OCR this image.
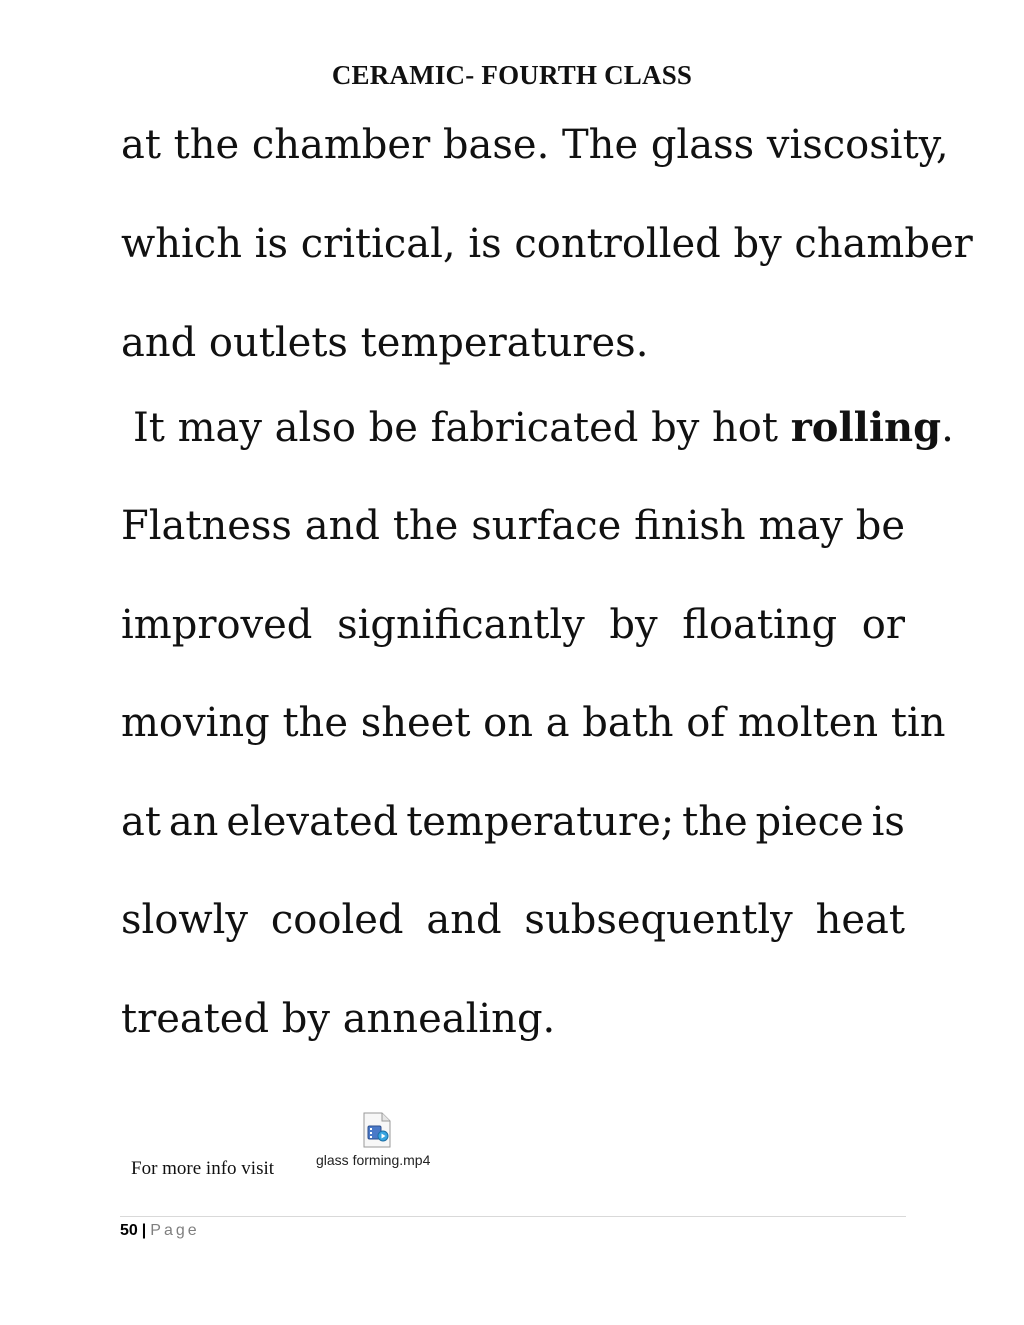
CERAMIC- FOURTH CLASS
at the chamber base. The glass viscosity,
which is critical, is controlled by chamber
and outlets temperatures.
It may also be fabricated by hot rolling.
Flatness and the surface finish may be
improved significantly by floating or
moving the sheet on a bath of molten tin
at an elevated temperature; the piece is
slowly cooled and subsequently heat
treated by annealing.
For more info visit	glass forming.mp4
50 | Page
